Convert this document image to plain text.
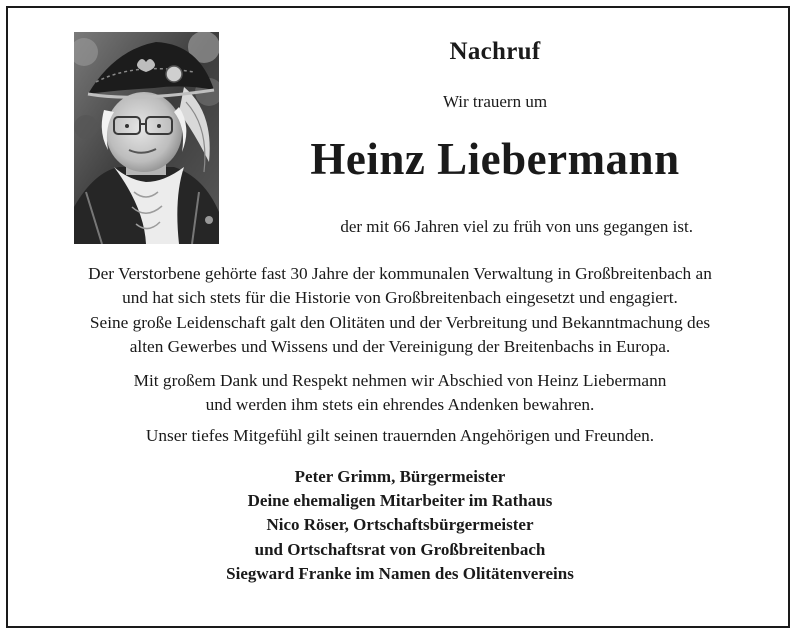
Nachruf
Wir trauern um
Heinz Liebermann
der mit 66 Jahren viel zu früh von uns gegangen ist.
Der Verstorbene gehörte fast 30 Jahre der kommunalen Verwaltung in Großbreitenbach an
und hat sich stets für die Historie von Großbreitenbach eingesetzt und engagiert.
Seine große Leidenschaft galt den Olitäten und der Verbreitung und Bekanntmachung des
alten Gewerbes und Wissens und der Vereinigung der Breitenbachs in Europa.
Mit großem Dank und Respekt nehmen wir Abschied von Heinz Liebermann
und werden ihm stets ein ehrendes Andenken bewahren.
Unser tiefes Mitgefühl gilt seinen trauernden Angehörigen und Freunden.
Peter Grimm, Bürgermeister
Deine ehemaligen Mitarbeiter im Rathaus
Nico Röser, Ortschaftsbürgermeister
und Ortschaftsrat von Großbreitenbach
Siegward Franke im Namen des Olitätenvereins
